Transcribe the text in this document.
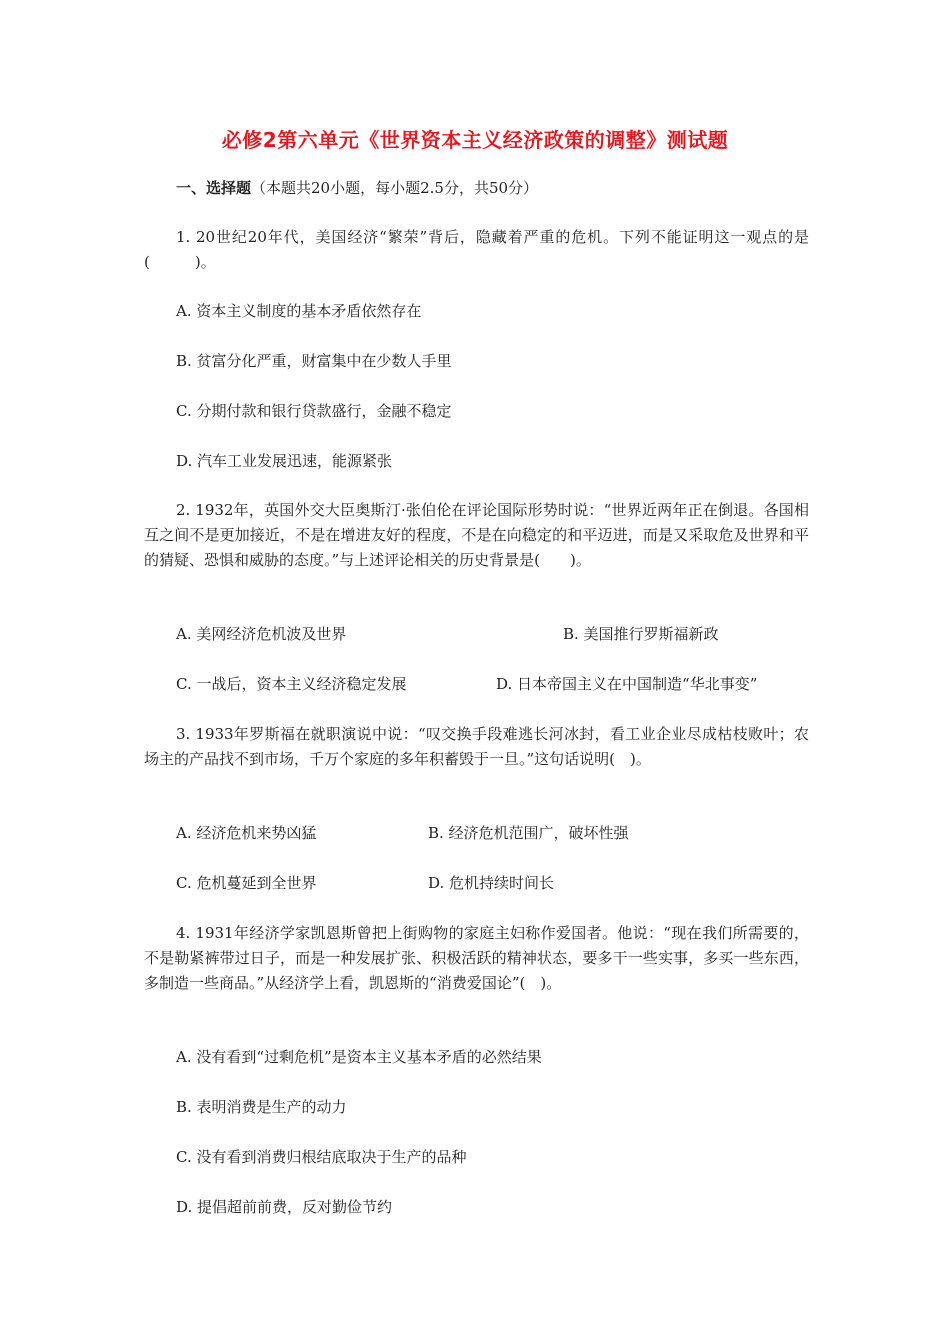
必修2第六单元《世界资本主义经济政策的调整》测试题
一、选择题（本题共20小题，每小题2.5分，共50分）

1. 20世纪20年代，美国经济“繁荣”背后，隐藏着严重的危机。下列不能证明这一观点的是(　　　)。

A. 资本主义制度的基本矛盾依然存在
B. 贫富分化严重，财富集中在少数人手里
C. 分期付款和银行贷款盛行，金融不稳定
D. 汽车工业发展迅速，能源紧张

2. 1932年，英国外交大臣奥斯汀·张伯伦在评论国际形势时说：“世界近两年正在倒退。各国相互之间不是更加接近，不是在增进友好的程度，不是在向稳定的和平迈进，而是又采取危及世界和平的猜疑、恐惧和威胁的态度。”与上述评论相关的历史背景是(　　)。

A. 美网经济危机波及世界	B. 美国推行罗斯福新政
C. 一战后，资本主义经济稳定发展	D. 日本帝国主义在中国制造“华北事变”

3. 1933年罗斯福在就职演说中说：“叹交换手段难逃长河冰封，看工业企业尽成枯枝败叶；农场主的产品找不到市场，千万个家庭的多年积蓄毁于一旦。”这句话说明(　)。

A. 经济危机来势凶猛	B. 经济危机范围广，破坏性强
C. 危机蔓延到全世界	D. 危机持续时间长

4. 1931年经济学家凯恩斯曾把上街购物的家庭主妇称作爱国者。他说：“现在我们所需要的，不是勒紧裤带过日子，而是一种发展扩张、积极活跃的精神状态，要多干一些实事，多买一些东西，多制造一些商品。”从经济学上看，凯恩斯的“消费爱国论”(　)。

A. 没有看到“过剩危机”是资本主义基本矛盾的必然结果
B. 表明消费是生产的动力
C. 没有看到消费归根结底取决于生产的品种
D. 提倡超前前费，反对勤俭节约
